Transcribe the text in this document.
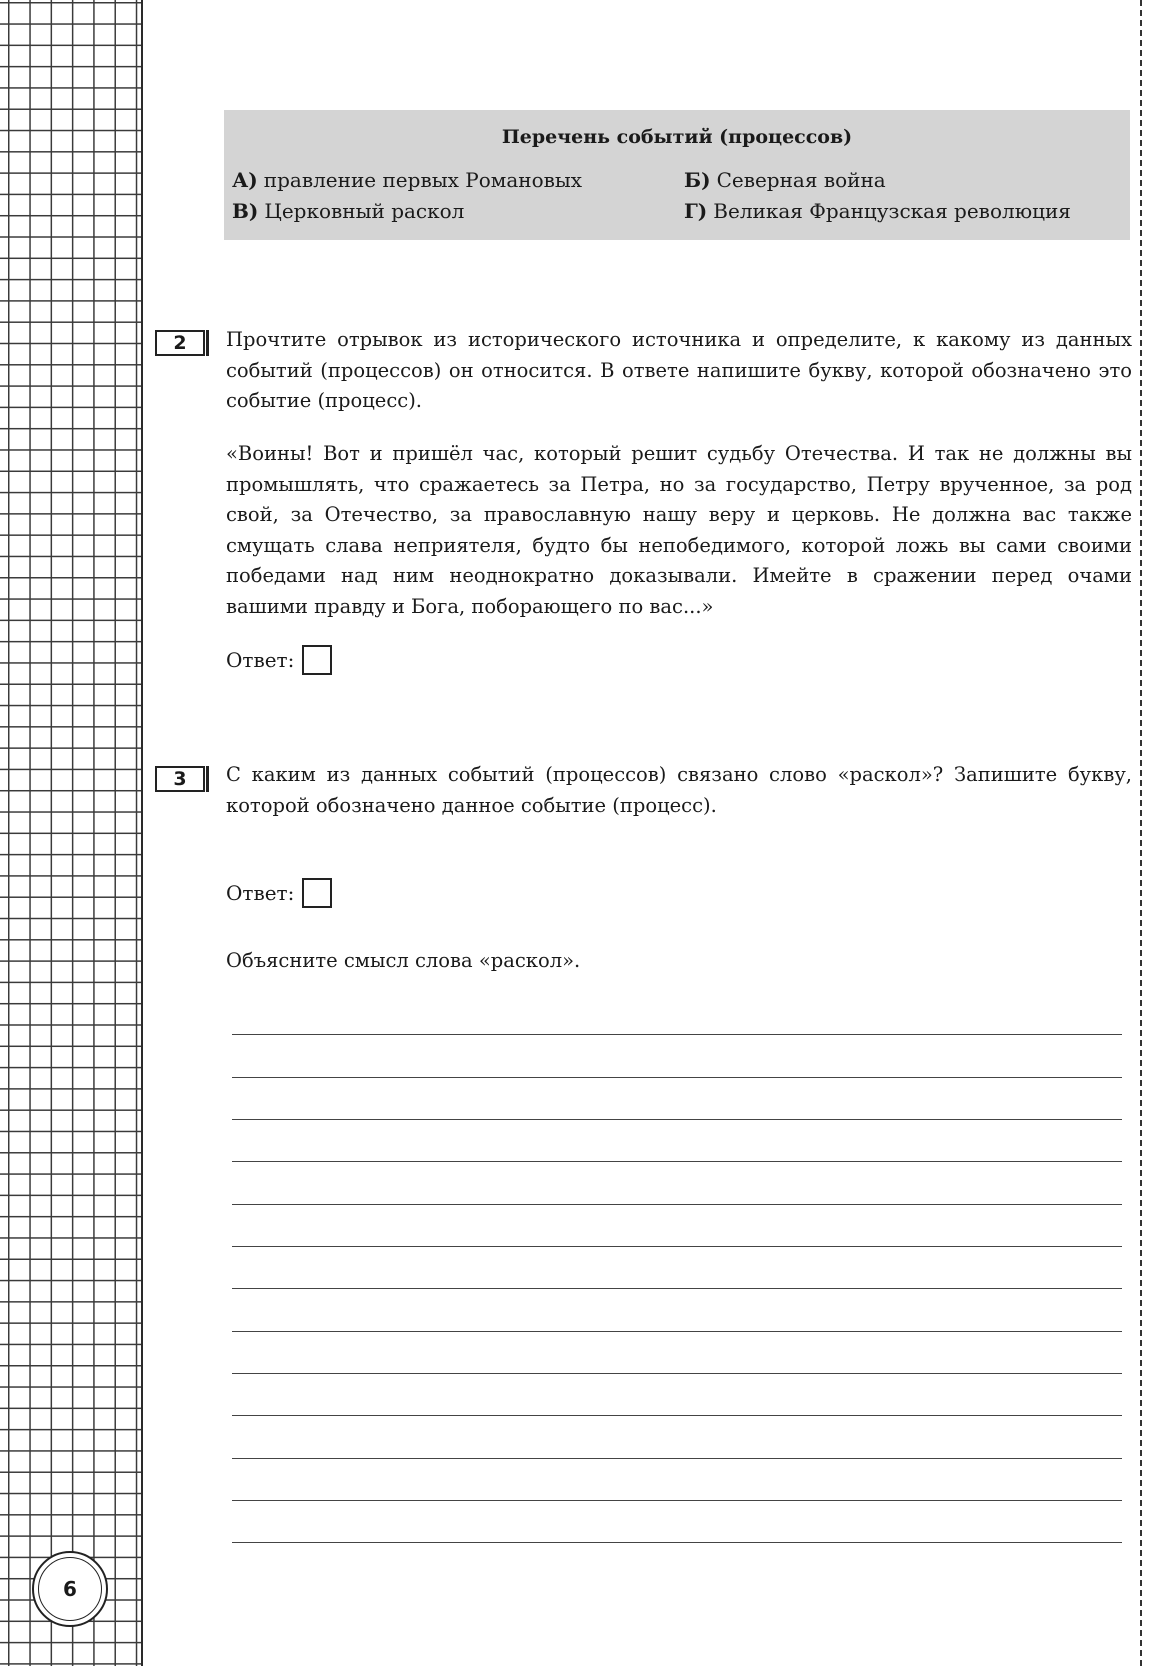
6
Перечень событий (процессов)
А) правление первых Романовых	Б) Северная война
В) Церковный раскол	Г) Великая Французская революция
2	Прочтите отрывок из исторического источника и определите, к какому из данных событий (процессов) он относится. В ответе напишите букву, которой обозначено это событие (процесс).
«Воины! Вот и пришёл час, который решит судьбу Отечества. И так не должны вы промышлять, что сражаетесь за Петра, но за государство, Петру врученное, за род свой, за Отечество, за православную нашу веру и церковь. Не должна вас также смущать слава неприятеля, будто бы непобедимого, которой ложь вы сами своими победами над ним неоднократно доказывали. Имейте в сражении перед очами вашими правду и Бога, поборающего по вас...»
Ответ:
3	С каким из данных событий (процессов) связано слово «раскол»? Запишите букву, которой обозначено данное событие (процесс).
Ответ:
Объясните смысл слова «раскол».
